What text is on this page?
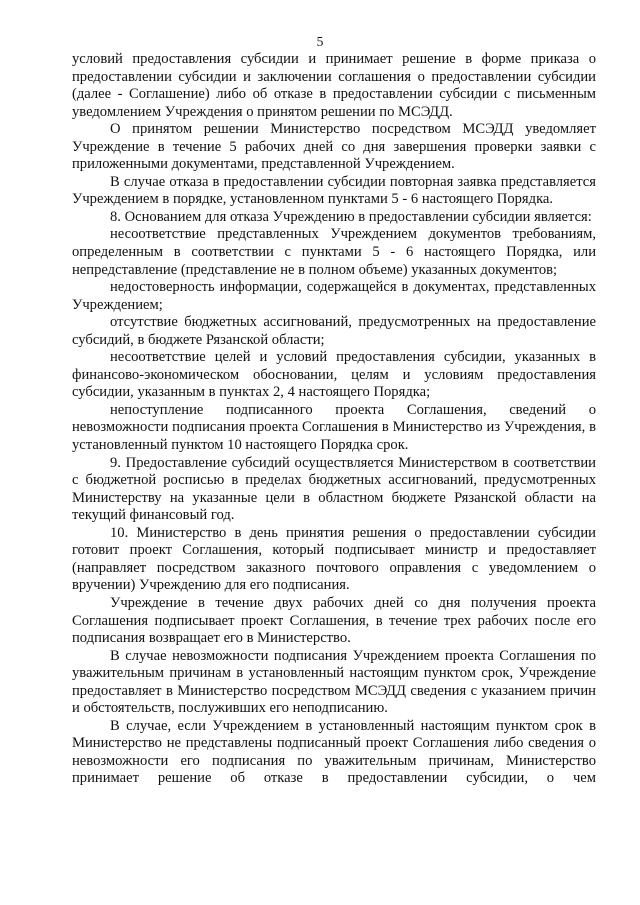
5

условий предоставления субсидии и принимает решение в форме приказа о предоставлении субсидии и заключении соглашения о предоставлении субсидии (далее - Соглашение) либо об отказе в предоставлении субсидии с письменным уведомлением Учреждения о принятом решении по МСЭДД.

О принятом решении Министерство посредством МСЭДД уведомляет Учреждение в течение 5 рабочих дней со дня завершения проверки заявки с приложенными документами, представленной Учреждением.

В случае отказа в предоставлении субсидии повторная заявка представляется Учреждением в порядке, установленном пунктами 5 - 6 настоящего Порядка.

8. Основанием для отказа Учреждению в предоставлении субсидии является:

несоответствие представленных Учреждением документов требованиям, определенным в соответствии с пунктами 5 - 6 настоящего Порядка, или непредставление (представление не в полном объеме) указанных документов;

недостоверность информации, содержащейся в документах, представленных Учреждением;

отсутствие бюджетных ассигнований, предусмотренных на предоставление субсидий, в бюджете Рязанской области;

несоответствие целей и условий предоставления субсидии, указанных в финансово-экономическом обосновании, целям и условиям предоставления субсидии, указанным в пунктах 2, 4 настоящего Порядка;

непоступление подписанного проекта Соглашения, сведений о невозможности подписания проекта Соглашения в Министерство из Учреждения, в установленный пунктом 10 настоящего Порядка срок.

9. Предоставление субсидий осуществляется Министерством в соответствии с бюджетной росписью в пределах бюджетных ассигнований, предусмотренных Министерству на указанные цели в областном бюджете Рязанской области на текущий финансовый год.

10. Министерство в день принятия решения о предоставлении субсидии готовит проект Соглашения, который подписывает министр и предоставляет (направляет посредством заказного почтового оправления с уведомлением о вручении) Учреждению для его подписания.

Учреждение в течение двух рабочих дней со дня получения проекта Соглашения подписывает проект Соглашения, в течение трех рабочих после его подписания возвращает его в Министерство.

В случае невозможности подписания Учреждением проекта Соглашения по уважительным причинам в установленный настоящим пунктом срок, Учреждение предоставляет в Министерство посредством МСЭДД сведения с указанием причин и обстоятельств, послуживших его неподписанию.

В случае, если Учреждением в установленный настоящим пунктом срок в Министерство не представлены подписанный проект Соглашения либо сведения о невозможности его подписания по уважительным причинам, Министерство принимает решение об отказе в предоставлении субсидии, о чем
